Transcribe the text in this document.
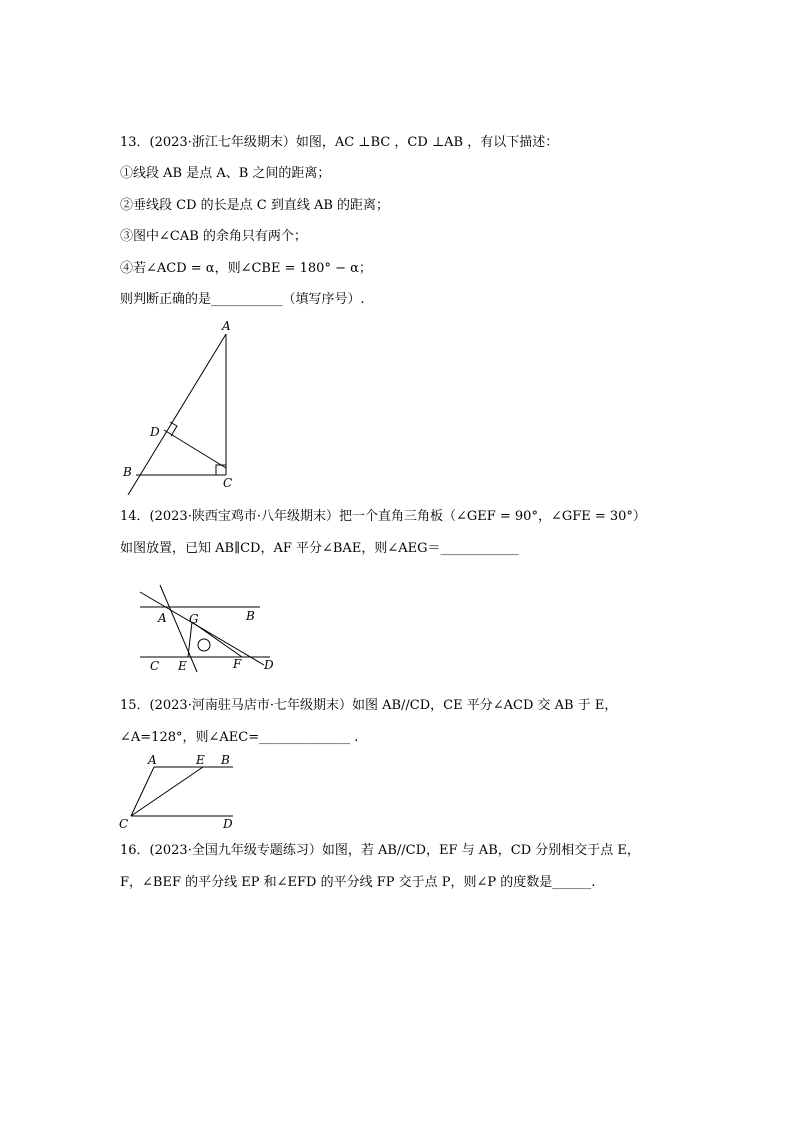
13．(2023·浙江七年级期末）如图，AC ⊥BC ，CD ⊥AB ，有以下描述：
①线段 AB 是点 A、B 之间的距离；
②垂线段 CD 的长是点 C 到直线 AB 的距离；
③图中∠CAB 的余角只有两个；
④若∠ACD = α，则∠CBE = 180° − α；
则判断正确的是___________（填写序号）.
A
D
B
C
14．(2023·陕西宝鸡市·八年级期末）把一个直角三角板（∠GEF = 90°，∠GFE = 30°）
如图放置，已知 AB∥CD，AF 平分∠BAE，则∠AEG＝____________
A G	B
C E	F D
15．(2023·河南驻马店市·七年级期末）如图 AB//CD，CE 平分∠ACD 交 AB 于 E，
∠A=128°，则∠AEC=______________ .
A	E B
C	D
16．(2023·全国九年级专题练习）如图，若 AB//CD，EF 与 AB，CD 分别相交于点 E，
F，∠BEF 的平分线 EP 和∠EFD 的平分线 FP 交于点 P，则∠P 的度数是______.
